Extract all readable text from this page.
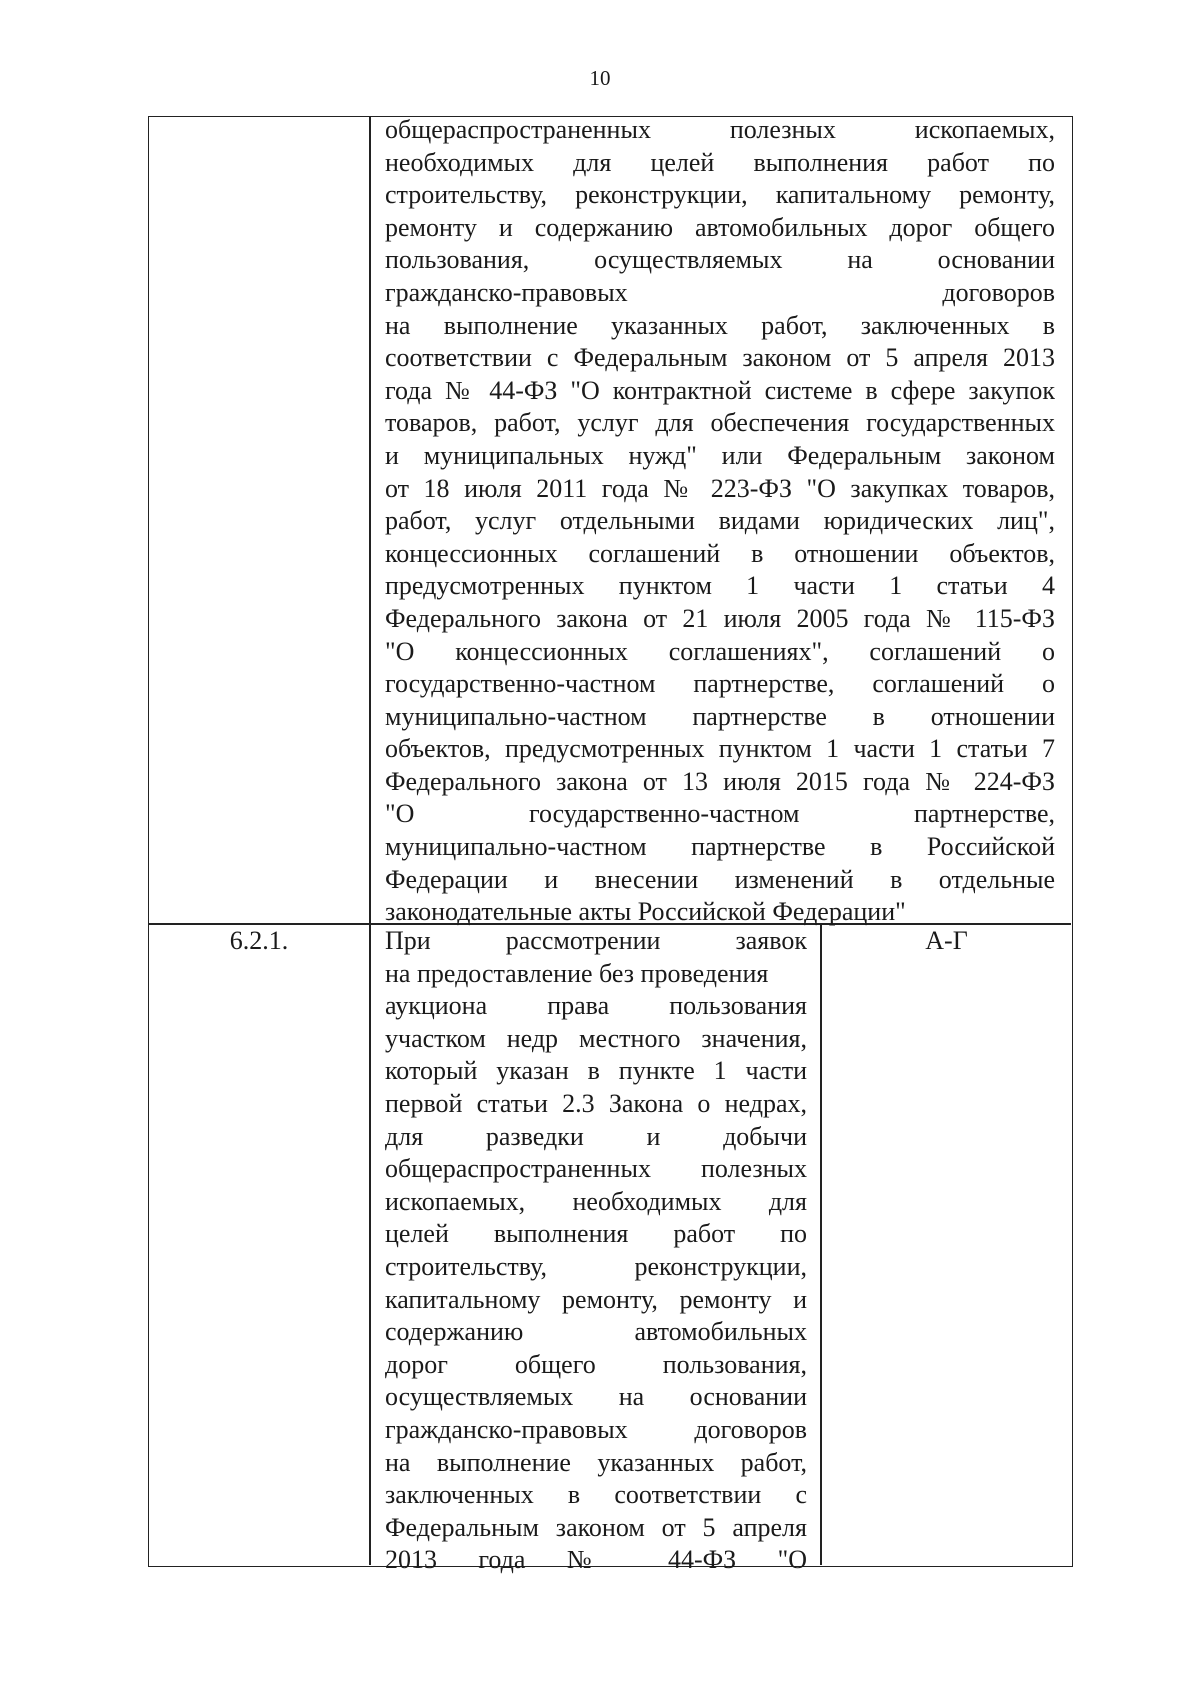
10
общераспространенных полезных ископаемых,
необходимых для целей выполнения работ по
строительству, реконструкции, капитальному ремонту,
ремонту и содержанию автомобильных дорог общего
пользования, осуществляемых на основании
гражданско-правовых договоров
на выполнение указанных работ, заключенных в
соответствии с Федеральным законом от 5 апреля 2013
года № 44-ФЗ "О контрактной системе в сфере закупок
товаров, работ, услуг для обеспечения государственных
и муниципальных нужд" или Федеральным законом
от 18 июля 2011 года № 223-ФЗ "О закупках товаров,
работ, услуг отдельными видами юридических лиц",
концессионных соглашений в отношении объектов,
предусмотренных пунктом 1 части 1 статьи 4
Федерального закона от 21 июля 2005 года № 115-ФЗ
"О концессионных соглашениях", соглашений о
государственно-частном партнерстве, соглашений о
муниципально-частном партнерстве в отношении
объектов, предусмотренных пунктом 1 части 1 статьи 7
Федерального закона от 13 июля 2015 года № 224-ФЗ
"О государственно-частном партнерстве,
муниципально-частном партнерстве в Российской
Федерации и внесении изменений в отдельные
законодательные акты Российской Федерации"
6.2.1.	При рассмотрении заявок
на предоставление без проведения
аукциона права пользования
участком недр местного значения,
который указан в пункте 1 части
первой статьи 2.3 Закона о недрах,
для разведки и добычи
общераспространенных полезных
ископаемых, необходимых для
целей выполнения работ по
строительству, реконструкции,
капитальному ремонту, ремонту и
содержанию автомобильных
дорог общего пользования,
осуществляемых на основании
гражданско-правовых договоров
на выполнение указанных работ,
заключенных в соответствии с
Федеральным законом от 5 апреля
2013 года № 44-ФЗ "О
А-Г
